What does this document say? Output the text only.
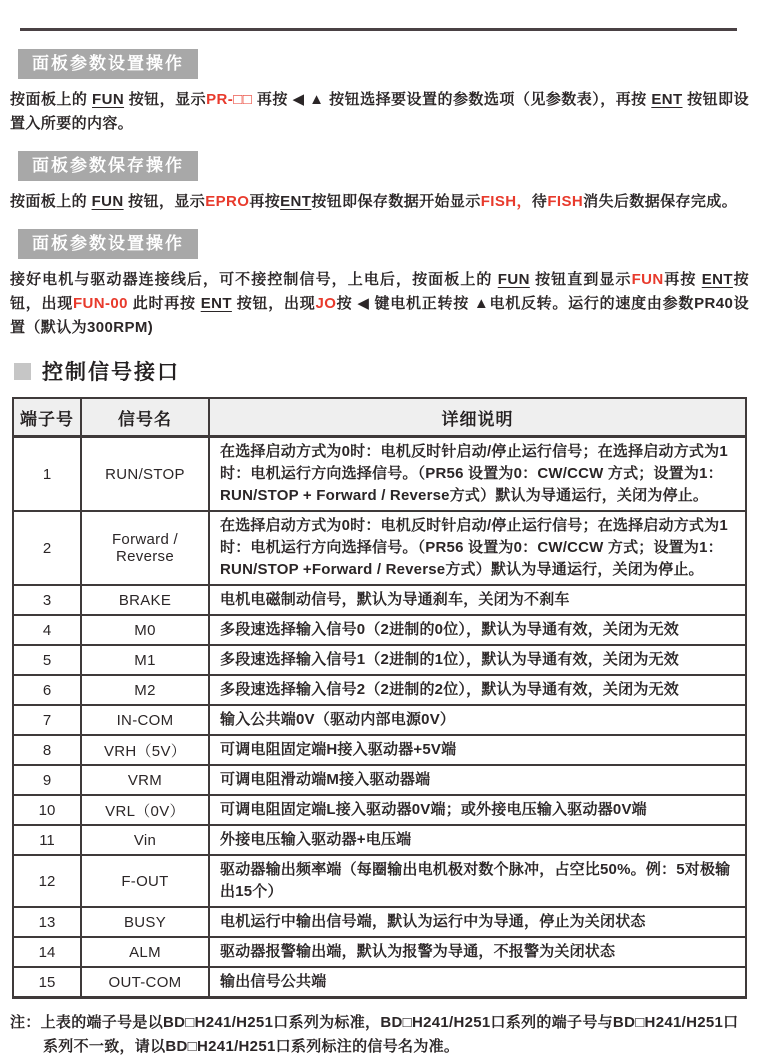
面板参数设置操作

按面板上的 FUN 按钮，显示PR-□□ 再按 ◀ ▲ 按钮选择要设置的参数选项（见参数表），再按 ENT 按钮即设置入所要的内容。

面板参数保存操作

按面板上的 FUN 按钮，显示EPRO再按ENT按钮即保存数据开始显示FISH，待FISH消失后数据保存完成。

面板参数设置操作

接好电机与驱动器连接线后，可不接控制信号，上电后，按面板上的 FUN 按钮直到显示FUN再按 ENT按钮，出现FUN-00 此时再按 ENT 按钮，出现JO按 ◀ 键电机正转按 ▲电机反转。运行的速度由参数PR40设置（默认为300RPM)

控制信号接口
端子号	信号名	详细说明
1	RUN/STOP	在选择启动方式为0时：电机反时针启动/停止运行信号；在选择启动方式为1时：电机运行方向选择信号。（PR56 设置为0：CW/CCW 方式；设置为1：RUN/STOP + Forward / Reverse方式）默认为导通运行，关闭为停止。
2	Forward / Reverse	在选择启动方式为0时：电机反时针启动/停止运行信号；在选择启动方式为1时：电机运行方向选择信号。（PR56 设置为0：CW/CCW 方式；设置为1：RUN/STOP +Forward / Reverse方式）默认为导通运行，关闭为停止。
3	BRAKE	电机电磁制动信号，默认为导通刹车，关闭为不刹车
4	M0	多段速选择输入信号0（2进制的0位），默认为导通有效，关闭为无效
5	M1	多段速选择输入信号1（2进制的1位），默认为导通有效，关闭为无效
6	M2	多段速选择输入信号2（2进制的2位），默认为导通有效，关闭为无效
7	IN-COM	输入公共端0V（驱动内部电源0V）
8	VRH（5V）	可调电阻固定端H接入驱动器+5V端
9	VRM	可调电阻滑动端M接入驱动器端
10	VRL（0V）	可调电阻固定端L接入驱动器0V端；或外接电压输入驱动器0V端
11	Vin	外接电压输入驱动器+电压端
12	F-OUT	驱动器输出频率端（每圈输出电机极对数个脉冲，占空比50%。例：5对极输出15个）
13	BUSY	电机运行中输出信号端，默认为运行中为导通，停止为关闭状态
14	ALM	驱动器报警输出端，默认为报警为导通，不报警为关闭状态
15	OUT-COM	输出信号公共端

注：上表的端子号是以BD□H241/H251口系列为标准，BD□H241/H251口系列的端子号与BD□H241/H251口系列不一致，请以BD□H241/H251口系列标注的信号名为准。
